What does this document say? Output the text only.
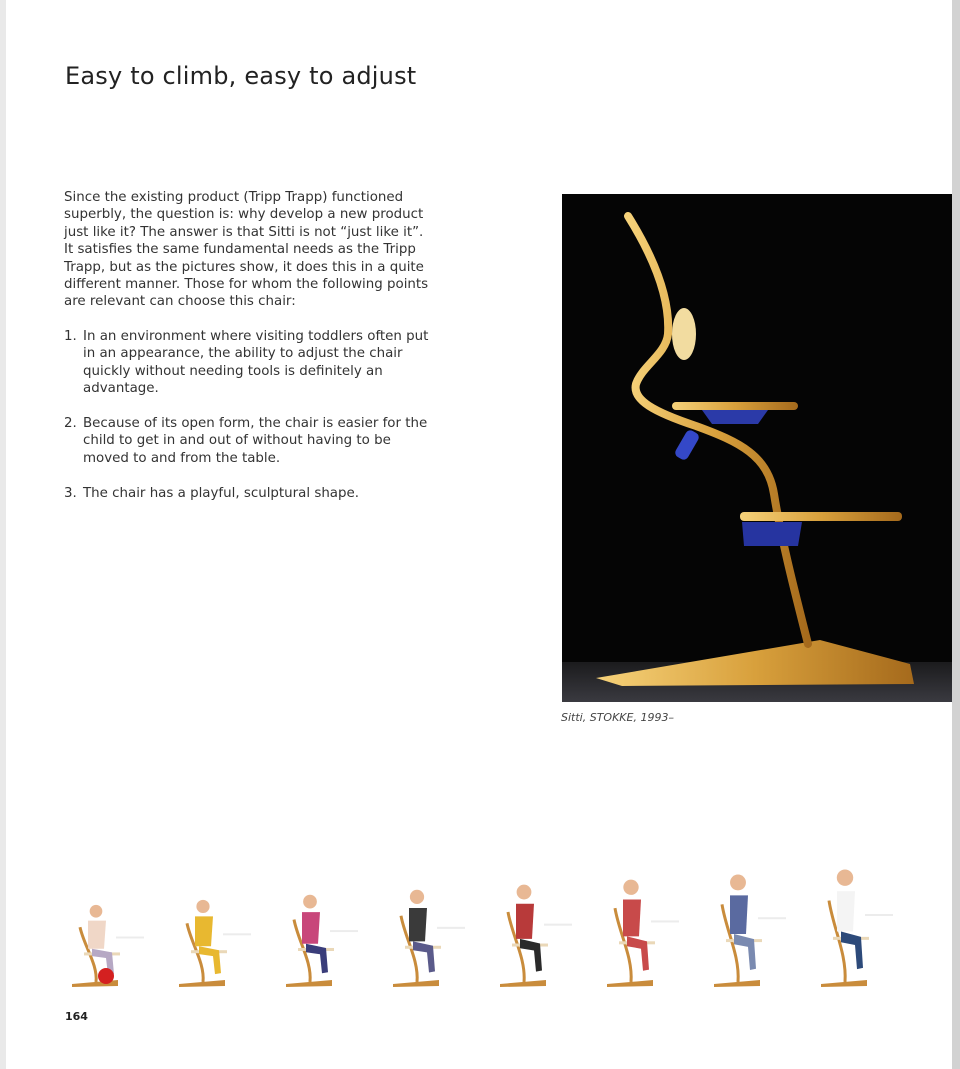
Easy to climb, easy to adjust

Since the existing product (Tripp Trapp) functioned superbly, the question is: why develop a new product just like it? The answer is that Sitti is not “just like it”. It satisfies the same fundamental needs as the Tripp Trapp, but as the pictures show, it does this in a quite different manner. Those for whom the following points are relevant can choose this chair:

1. In an environment where visiting toddlers often put in an appearance, the ability to adjust the chair quickly without needing tools is definitely an advantage.
2. Because of its open form, the chair is easier for the child to get in and out of without having to be moved to and from the table.
3. The chair has a playful, sculptural shape.
Sitti, STOKKE, 1993–
164
